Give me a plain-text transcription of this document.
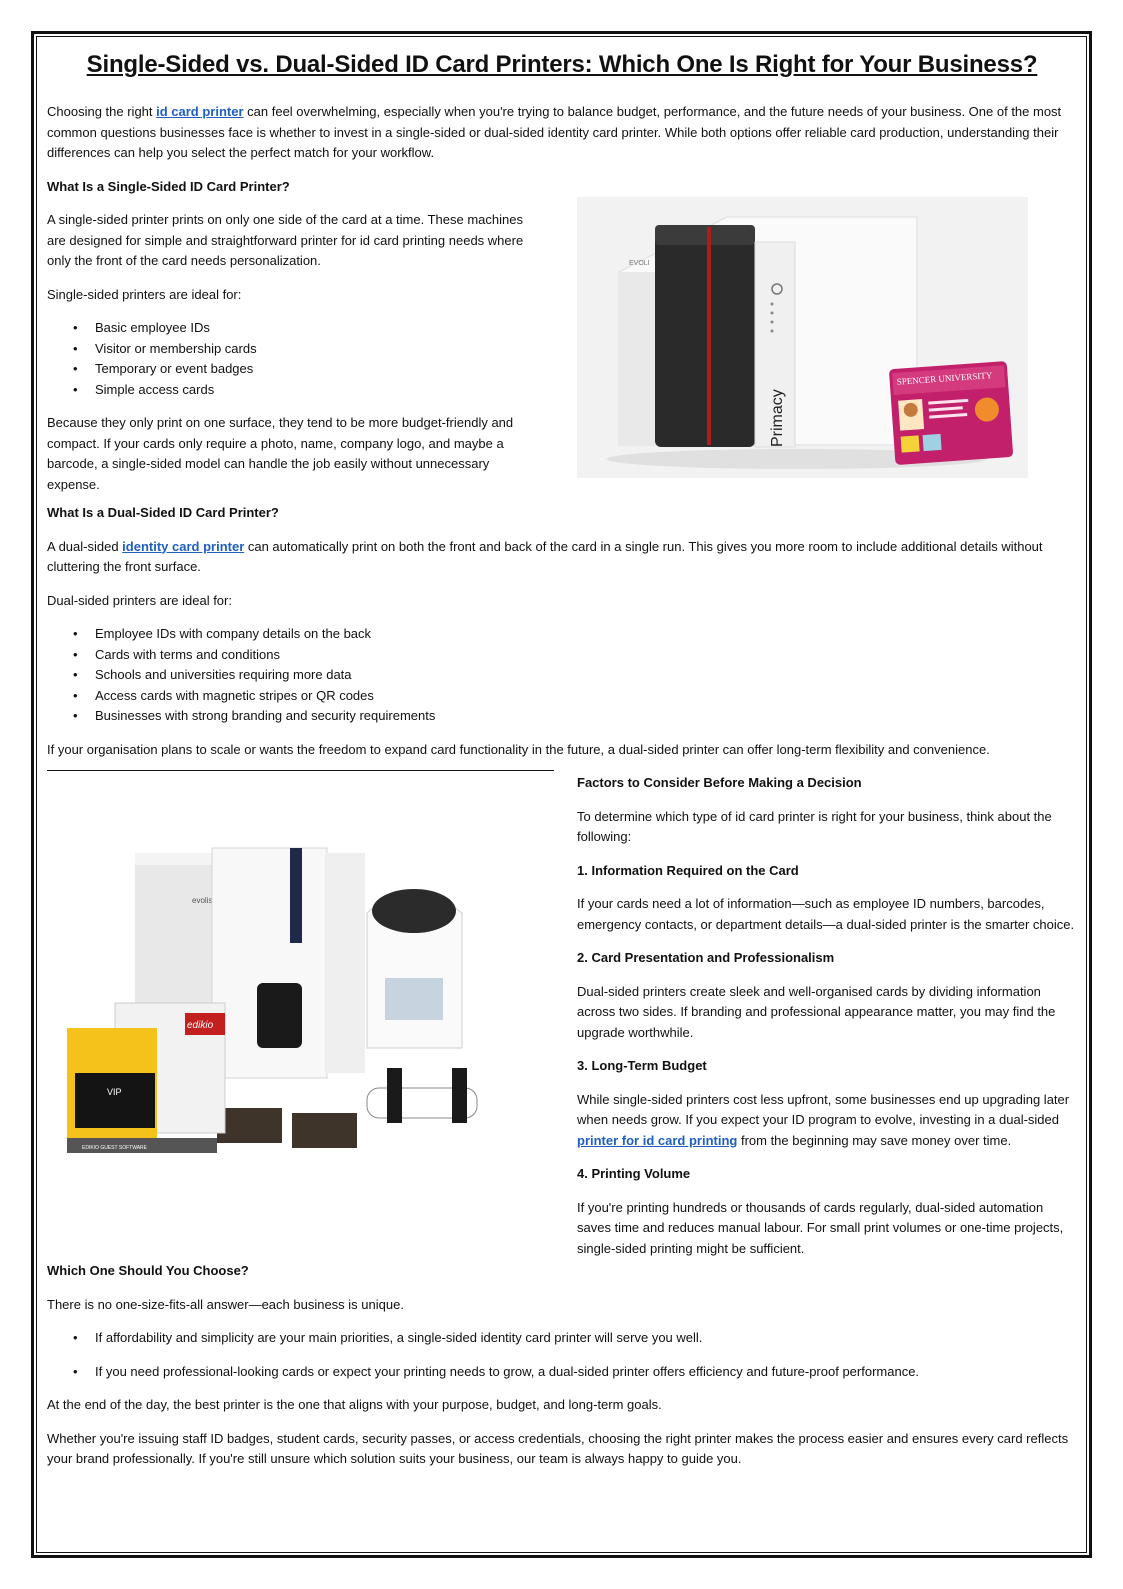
Single-Sided vs. Dual-Sided ID Card Printers: Which One Is Right for Your Business?

Choosing the right id card printer can feel overwhelming, especially when you're trying to balance budget, performance, and the future needs of your business. One of the most common questions businesses face is whether to invest in a single-sided or dual-sided identity card printer. While both options offer reliable card production, understanding their differences can help you select the perfect match for your workflow.

What Is a Single-Sided ID Card Printer?

A single-sided printer prints on only one side of the card at a time. These machines are designed for simple and straightforward printer for id card printing needs where only the front of the card needs personalization.

Single-sided printers are ideal for:

• Basic employee IDs
• Visitor or membership cards
• Temporary or event badges
• Simple access cards

Because they only print on one surface, they tend to be more budget-friendly and compact. If your cards only require a photo, name, company logo, and maybe a barcode, a single-sided model can handle the job easily without unnecessary expense.

Primacy
EVOLI
SPENCER UNIVERSITY

What Is a Dual-Sided ID Card Printer?

A dual-sided identity card printer can automatically print on both the front and back of the card in a single run. This gives you more room to include additional details without cluttering the front surface.

Dual-sided printers are ideal for:

• Employee IDs with company details on the back
• Cards with terms and conditions
• Schools and universities requiring more data
• Access cards with magnetic stripes or QR codes
• Businesses with strong branding and security requirements

If your organisation plans to scale or wants the freedom to expand card functionality in the future, a dual-sided printer can offer long-term flexibility and convenience.

evolis
edikio
VIP
EDIKIO GUEST SOFTWARE

Factors to Consider Before Making a Decision

To determine which type of id card printer is right for your business, think about the following:

1. Information Required on the Card

If your cards need a lot of information—such as employee ID numbers, barcodes, emergency contacts, or department details—a dual-sided printer is the smarter choice.

2. Card Presentation and Professionalism

Dual-sided printers create sleek and well-organised cards by dividing information across two sides. If branding and professional appearance matter, you may find the upgrade worthwhile.

3. Long-Term Budget

While single-sided printers cost less upfront, some businesses end up upgrading later when needs grow. If you expect your ID program to evolve, investing in a dual-sided printer for id card printing from the beginning may save money over time.

4. Printing Volume

If you're printing hundreds or thousands of cards regularly, dual-sided automation saves time and reduces manual labour. For small print volumes or one-time projects, single-sided printing might be sufficient.

Which One Should You Choose?

There is no one-size-fits-all answer—each business is unique.

• If affordability and simplicity are your main priorities, a single-sided identity card printer will serve you well.
• If you need professional-looking cards or expect your printing needs to grow, a dual-sided printer offers efficiency and future-proof performance.

At the end of the day, the best printer is the one that aligns with your purpose, budget, and long-term goals.

Whether you're issuing staff ID badges, student cards, security passes, or access credentials, choosing the right printer makes the process easier and ensures every card reflects your brand professionally. If you're still unsure which solution suits your business, our team is always happy to guide you.
